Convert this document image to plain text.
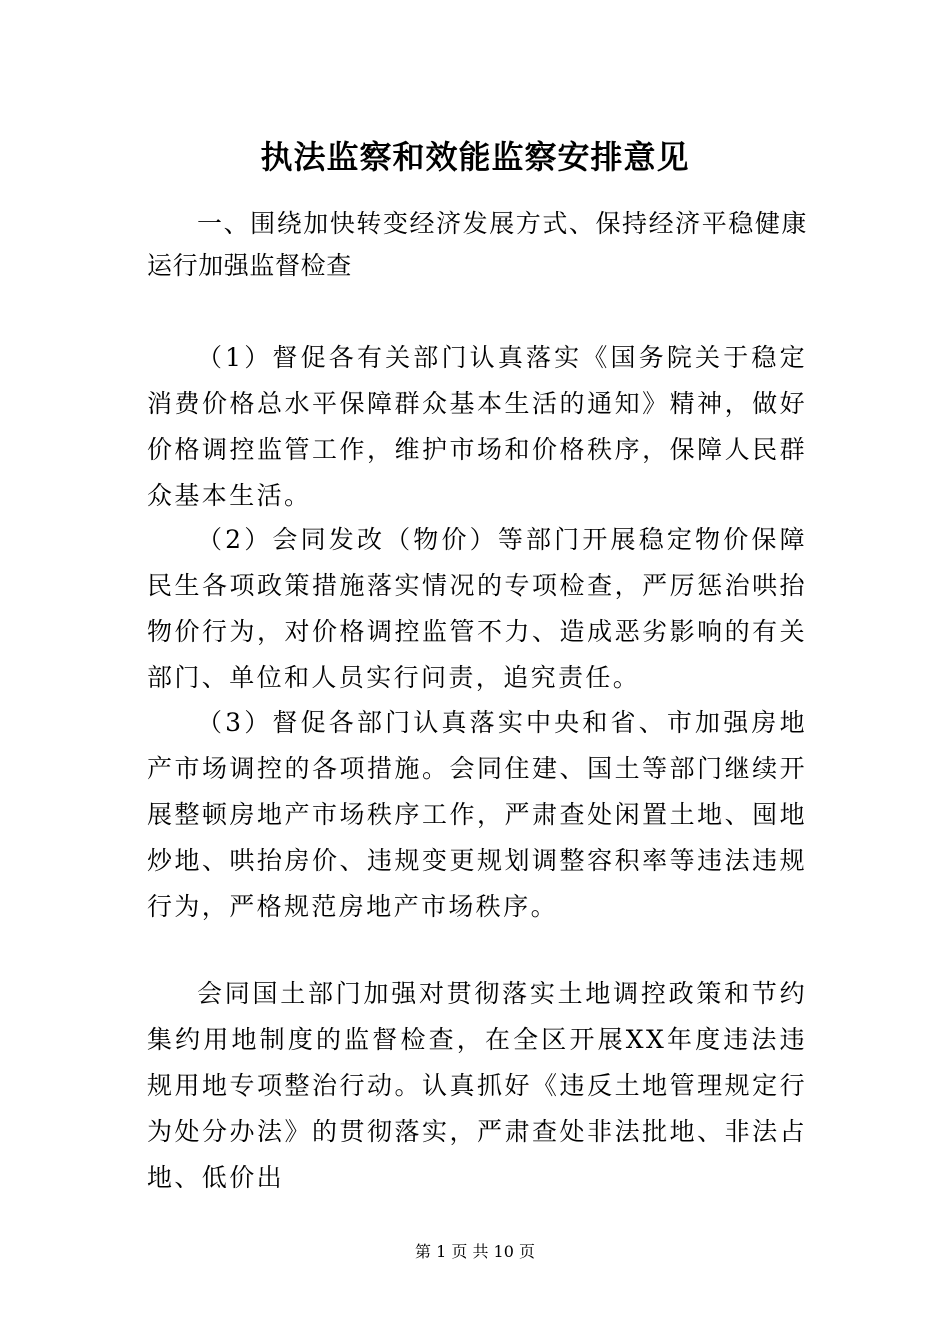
执法监察和效能监察安排意见
一、围绕加快转变经济发展方式、保持经济平稳健康运行加强监督检查

（1）督促各有关部门认真落实《国务院关于稳定消费价格总水平保障群众基本生活的通知》精神，做好价格调控监管工作，维护市场和价格秩序，保障人民群众基本生活。

（2）会同发改（物价）等部门开展稳定物价保障民生各项政策措施落实情况的专项检查，严厉惩治哄抬物价行为，对价格调控监管不力、造成恶劣影响的有关部门、单位和人员实行问责，追究责任。

（3）督促各部门认真落实中央和省、市加强房地产市场调控的各项措施。会同住建、国土等部门继续开展整顿房地产市场秩序工作，严肃查处闲置土地、囤地炒地、哄抬房价、违规变更规划调整容积率等违法违规行为，严格规范房地产市场秩序。

会同国土部门加强对贯彻落实土地调控政策和节约集约用地制度的监督检查，在全区开展XX年度违法违规用地专项整治行动。认真抓好《违反土地管理规定行为处分办法》的贯彻落实，严肃查处非法批地、非法占地、低价出

第 1 页 共 10 页
